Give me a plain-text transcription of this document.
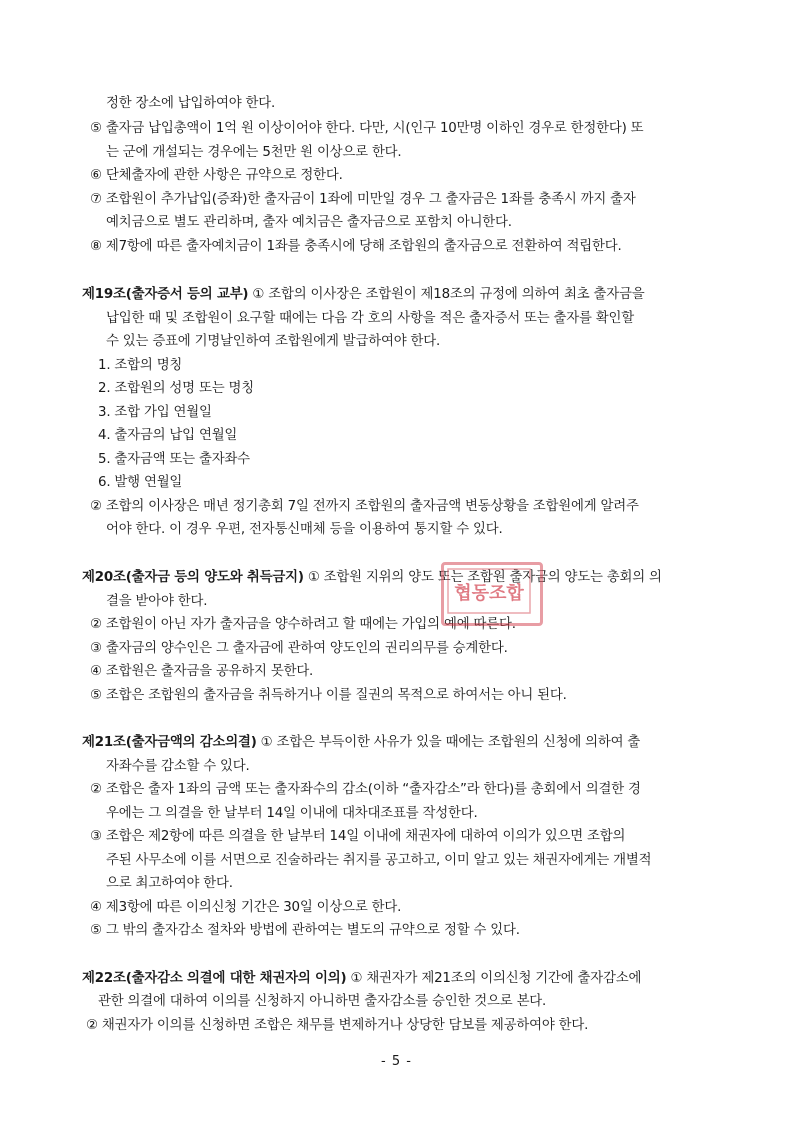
정한 장소에 납입하여야 한다.
⑤ 출자금 납입총액이 1억 원 이상이어야 한다. 다만, 시(인구 10만명 이하인 경우로 한정한다) 또
는 군에 개설되는 경우에는 5천만 원 이상으로 한다.
⑥ 단체출자에 관한 사항은 규약으로 정한다.
⑦ 조합원이 추가납입(증좌)한 출자금이 1좌에 미만일 경우 그 출자금은 1좌를 충족시 까지 출자
예치금으로 별도 관리하며, 출자 예치금은 출자금으로 포함치 아니한다.
⑧ 제7항에 따른 출자예치금이 1좌를 충족시에 당해 조합원의 출자금으로 전환하여 적립한다.
제19조(출자증서 등의 교부) ① 조합의 이사장은 조합원이 제18조의 규정에 의하여 최초 출자금을
납입한 때 및 조합원이 요구할 때에는 다음 각 호의 사항을 적은 출자증서 또는 출자를 확인할
수 있는 증표에 기명날인하여 조합원에게 발급하여야 한다.
1. 조합의 명칭
2. 조합원의 성명 또는 명칭
3. 조합 가입 연월일
4. 출자금의 납입 연월일
5. 출자금액 또는 출자좌수
6. 발행 연월일
② 조합의 이사장은 매년 정기총회 7일 전까지 조합원의 출자금액 변동상황을 조합원에게 알려주
어야 한다. 이 경우 우편, 전자통신매체 등을 이용하여 통지할 수 있다.
제20조(출자금 등의 양도와 취득금지) ① 조합원 지위의 양도 또는 조합원 출자금의 양도는 총회의 의
결을 받아야 한다.
② 조합원이 아닌 자가 출자금을 양수하려고 할 때에는 가입의 예에 따른다.
③ 출자금의 양수인은 그 출자금에 관하여 양도인의 권리의무를 승계한다.
④ 조합원은 출자금을 공유하지 못한다.
⑤ 조합은 조합원의 출자금을 취득하거나 이를 질권의 목적으로 하여서는 아니 된다.
제21조(출자금액의 감소의결) ① 조합은 부득이한 사유가 있을 때에는 조합원의 신청에 의하여 출
자좌수를 감소할 수 있다.
② 조합은 출자 1좌의 금액 또는 출자좌수의 감소(이하 “출자감소”라 한다)를 총회에서 의결한 경
우에는 그 의결을 한 날부터 14일 이내에 대차대조표를 작성한다.
③ 조합은 제2항에 따른 의결을 한 날부터 14일 이내에 채권자에 대하여 이의가 있으면 조합의
주된 사무소에 이를 서면으로 진술하라는 취지를 공고하고, 이미 알고 있는 채권자에게는 개별적
으로 최고하여야 한다.
④ 제3항에 따른 이의신청 기간은 30일 이상으로 한다.
⑤ 그 밖의 출자감소 절차와 방법에 관하여는 별도의 규약으로 정할 수 있다.
제22조(출자감소 의결에 대한 채권자의 이의) ① 채권자가 제21조의 이의신청 기간에 출자감소에
관한 의결에 대하여 이의를 신청하지 아니하면 출자감소를 승인한 것으로 본다.
② 채권자가 이의를 신청하면 조합은 채무를 변제하거나 상당한 담보를 제공하여야 한다.
협동조합
- 5 -
